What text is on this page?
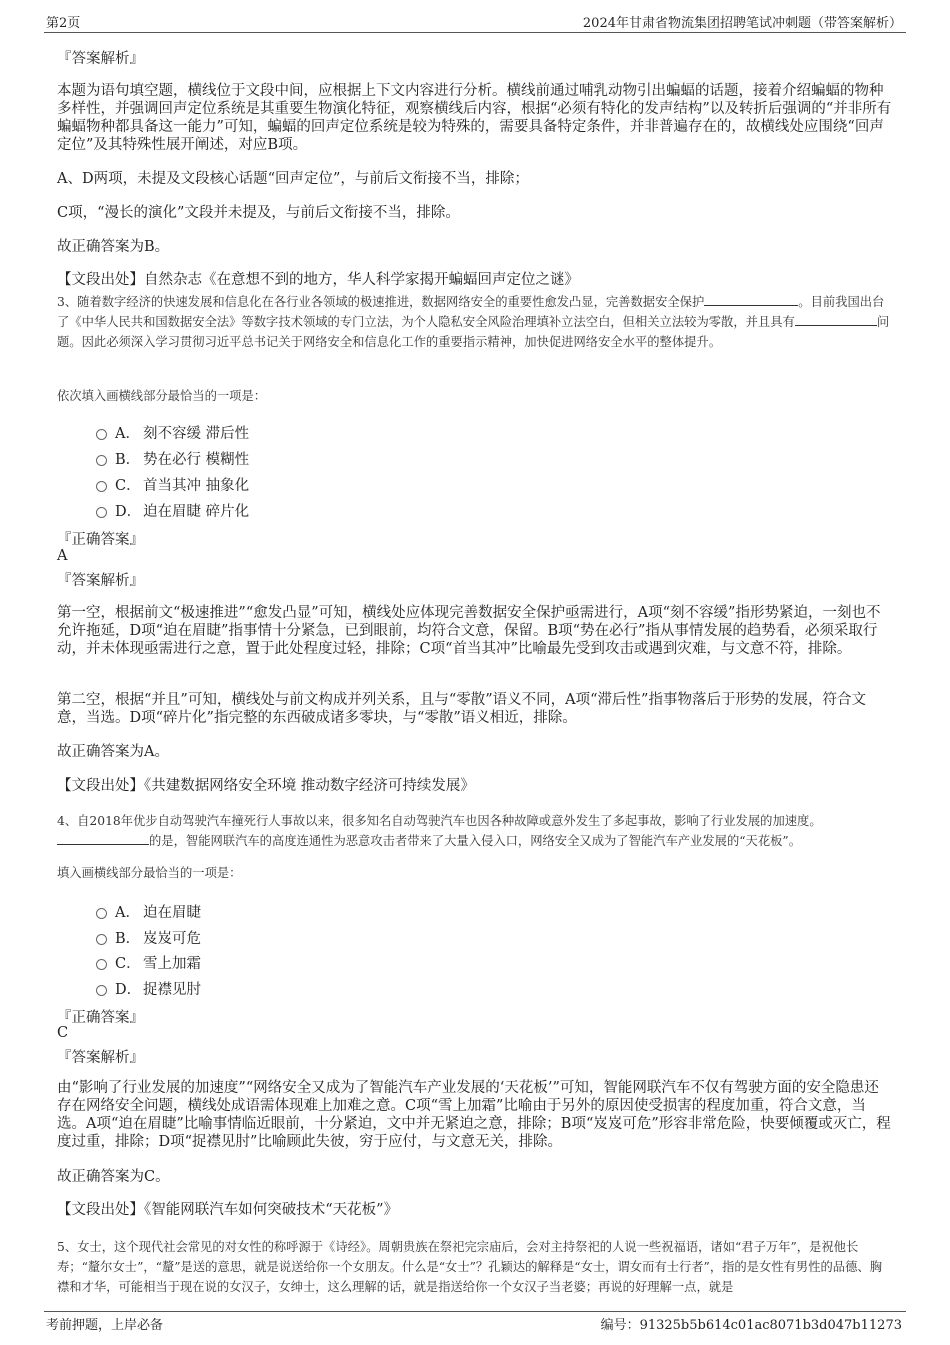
第2页	2024年甘肃省物流集团招聘笔试冲刺题（带答案解析）
『答案解析』
本题为语句填空题，横线位于文段中间，应根据上下文内容进行分析。横线前通过哺乳动物引出蝙蝠的话题，接着介绍蝙蝠的物种多样性，并强调回声定位系统是其重要生物演化特征，观察横线后内容，根据“必须有特化的发声结构”以及转折后强调的“并非所有蝙蝠物种都具备这一能力”可知，蝙蝠的回声定位系统是较为特殊的，需要具备特定条件，并非普遍存在的，故横线处应围绕“回声定位”及其特殊性展开阐述，对应B项。
A、D两项，未提及文段核心话题“回声定位”，与前后文衔接不当，排除；
C项，“漫长的演化”文段并未提及，与前后文衔接不当，排除。
故正确答案为B。
【文段出处】自然杂志《在意想不到的地方，华人科学家揭开蝙蝠回声定位之谜》
3、随着数字经济的快速发展和信息化在各行业各领域的极速推进，数据网络安全的重要性愈发凸显，完善数据安全保护	。目前我国出台了《中华人民共和国数据安全法》等数字技术领域的专门立法，为个人隐私安全风险治理填补立法空白，但相关立法较为零散，并且具有	问题。因此必须深入学习贯彻习近平总书记关于网络安全和信息化工作的重要指示精神，加快促进网络安全水平的整体提升。
依次填入画横线部分最恰当的一项是：
A． 刻不容缓 滞后性
B． 势在必行 模糊性
C． 首当其冲 抽象化
D． 迫在眉睫 碎片化
『正确答案』
A
『答案解析』
第一空，根据前文“极速推进”“愈发凸显”可知，横线处应体现完善数据安全保护亟需进行，A项“刻不容缓”指形势紧迫，一刻也不允许拖延，D项“迫在眉睫”指事情十分紧急，已到眼前，均符合文意，保留。B项“势在必行”指从事情发展的趋势看，必须采取行动，并未体现亟需进行之意，置于此处程度过轻，排除；C项“首当其冲”比喻最先受到攻击或遇到灾难，与文意不符，排除。
第二空，根据“并且”可知，横线处与前文构成并列关系，且与“零散”语义不同，A项“滞后性”指事物落后于形势的发展，符合文意，当选。D项“碎片化”指完整的东西破成诸多零块，与“零散”语义相近，排除。
故正确答案为A。
【文段出处】《共建数据网络安全环境 推动数字经济可持续发展》
4、自2018年优步自动驾驶汽车撞死行人事故以来，很多知名自动驾驶汽车也因各种故障或意外发生了多起事故，影响了行业发展的加速度。的是，智能网联汽车的高度连通性为恶意攻击者带来了大量入侵入口，网络安全又成为了智能汽车产业发展的“天花板”。
填入画横线部分最恰当的一项是：
A． 迫在眉睫
B． 岌岌可危
C． 雪上加霜
D． 捉襟见肘
『正确答案』
C
『答案解析』
由“影响了行业发展的加速度”“网络安全又成为了智能汽车产业发展的‘天花板’”可知，智能网联汽车不仅有驾驶方面的安全隐患还存在网络安全问题，横线处成语需体现难上加难之意。C项“雪上加霜”比喻由于另外的原因使受损害的程度加重，符合文意，当选。A项“迫在眉睫”比喻事情临近眼前，十分紧迫，文中并无紧迫之意，排除；B项“岌岌可危”形容非常危险，快要倾覆或灭亡，程度过重，排除；D项“捉襟见肘”比喻顾此失彼，穷于应付，与文意无关，排除。
故正确答案为C。
【文段出处】《智能网联汽车如何突破技术“天花板”》
5、女士，这个现代社会常见的对女性的称呼源于《诗经》。周朝贵族在祭祀完宗庙后，会对主持祭祀的人说一些祝福语，诸如“君子万年”，是祝他长寿；“釐尔女士”，“釐”是送的意思，就是说送给你一个女朋友。什么是“女士”？孔颖达的解释是“女士，谓女而有士行者”，指的是女性有男性的品德、胸襟和才华，可能相当于现在说的女汉子，女绅士，这么理解的话，就是指送给你一个女汉子当老婆；再说的好理解一点，就是
考前押题，上岸必备	编号：91325b5b614c01ac8071b3d047b11273
